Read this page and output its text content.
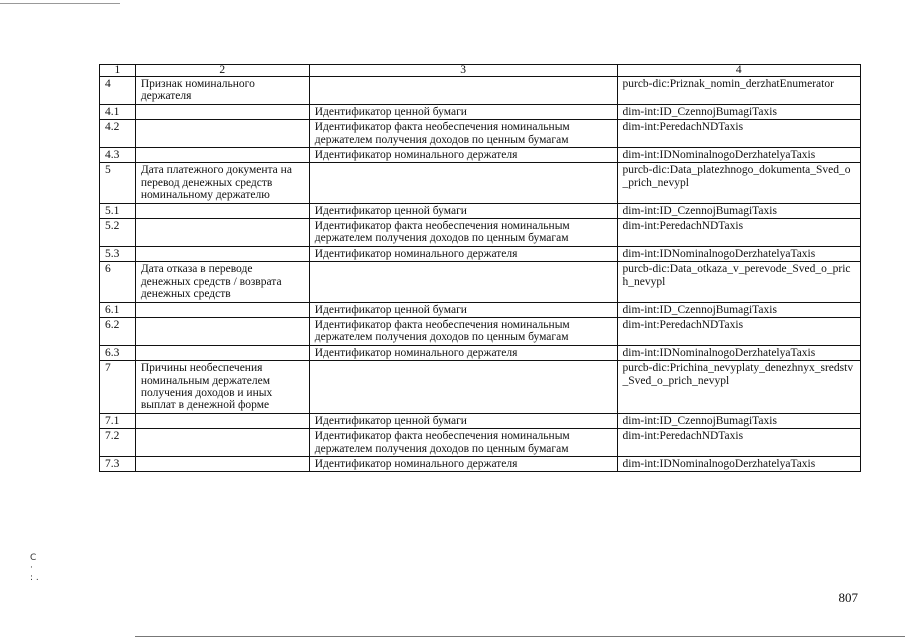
С
·
: .
1	2	3	4
4	Признак номинального держателя		purcb-dic:Priznak_nomin_derzhatEnumerator
4.1		Идентификатор ценной бумаги	dim-int:ID_CzennojBumagiTaxis
4.2		Идентификатор факта необеспечения номинальным держателем получения доходов по ценным бумагам	dim-int:PeredachNDTaxis
4.3		Идентификатор номинального держателя	dim-int:IDNominalnogoDerzhatelyaTaxis
5	Дата платежного документа на перевод денежных средств номинальному держателю		purcb-dic:Data_platezhnogo_dokumenta_Sved_o_prich_nevypl
5.1		Идентификатор ценной бумаги	dim-int:ID_CzennojBumagiTaxis
5.2		Идентификатор факта необеспечения номинальным держателем получения доходов по ценным бумагам	dim-int:PeredachNDTaxis
5.3		Идентификатор номинального держателя	dim-int:IDNominalnogoDerzhatelyaTaxis
6	Дата отказа в переводе денежных средств / возврата денежных средств		purcb-dic:Data_otkaza_v_perevode_Sved_o_prich_nevypl
6.1		Идентификатор ценной бумаги	dim-int:ID_CzennojBumagiTaxis
6.2		Идентификатор факта необеспечения номинальным держателем получения доходов по ценным бумагам	dim-int:PeredachNDTaxis
6.3		Идентификатор номинального держателя	dim-int:IDNominalnogoDerzhatelyaTaxis
7	Причины необеспечения номинальным держателем получения доходов и иных выплат в денежной форме		purcb-dic:Prichina_nevyplaty_denezhnyx_sredstv_Sved_o_prich_nevypl
7.1		Идентификатор ценной бумаги	dim-int:ID_CzennojBumagiTaxis
7.2		Идентификатор факта необеспечения номинальным держателем получения доходов по ценным бумагам	dim-int:PeredachNDTaxis
7.3		Идентификатор номинального держателя	dim-int:IDNominalnogoDerzhatelyaTaxis
807
